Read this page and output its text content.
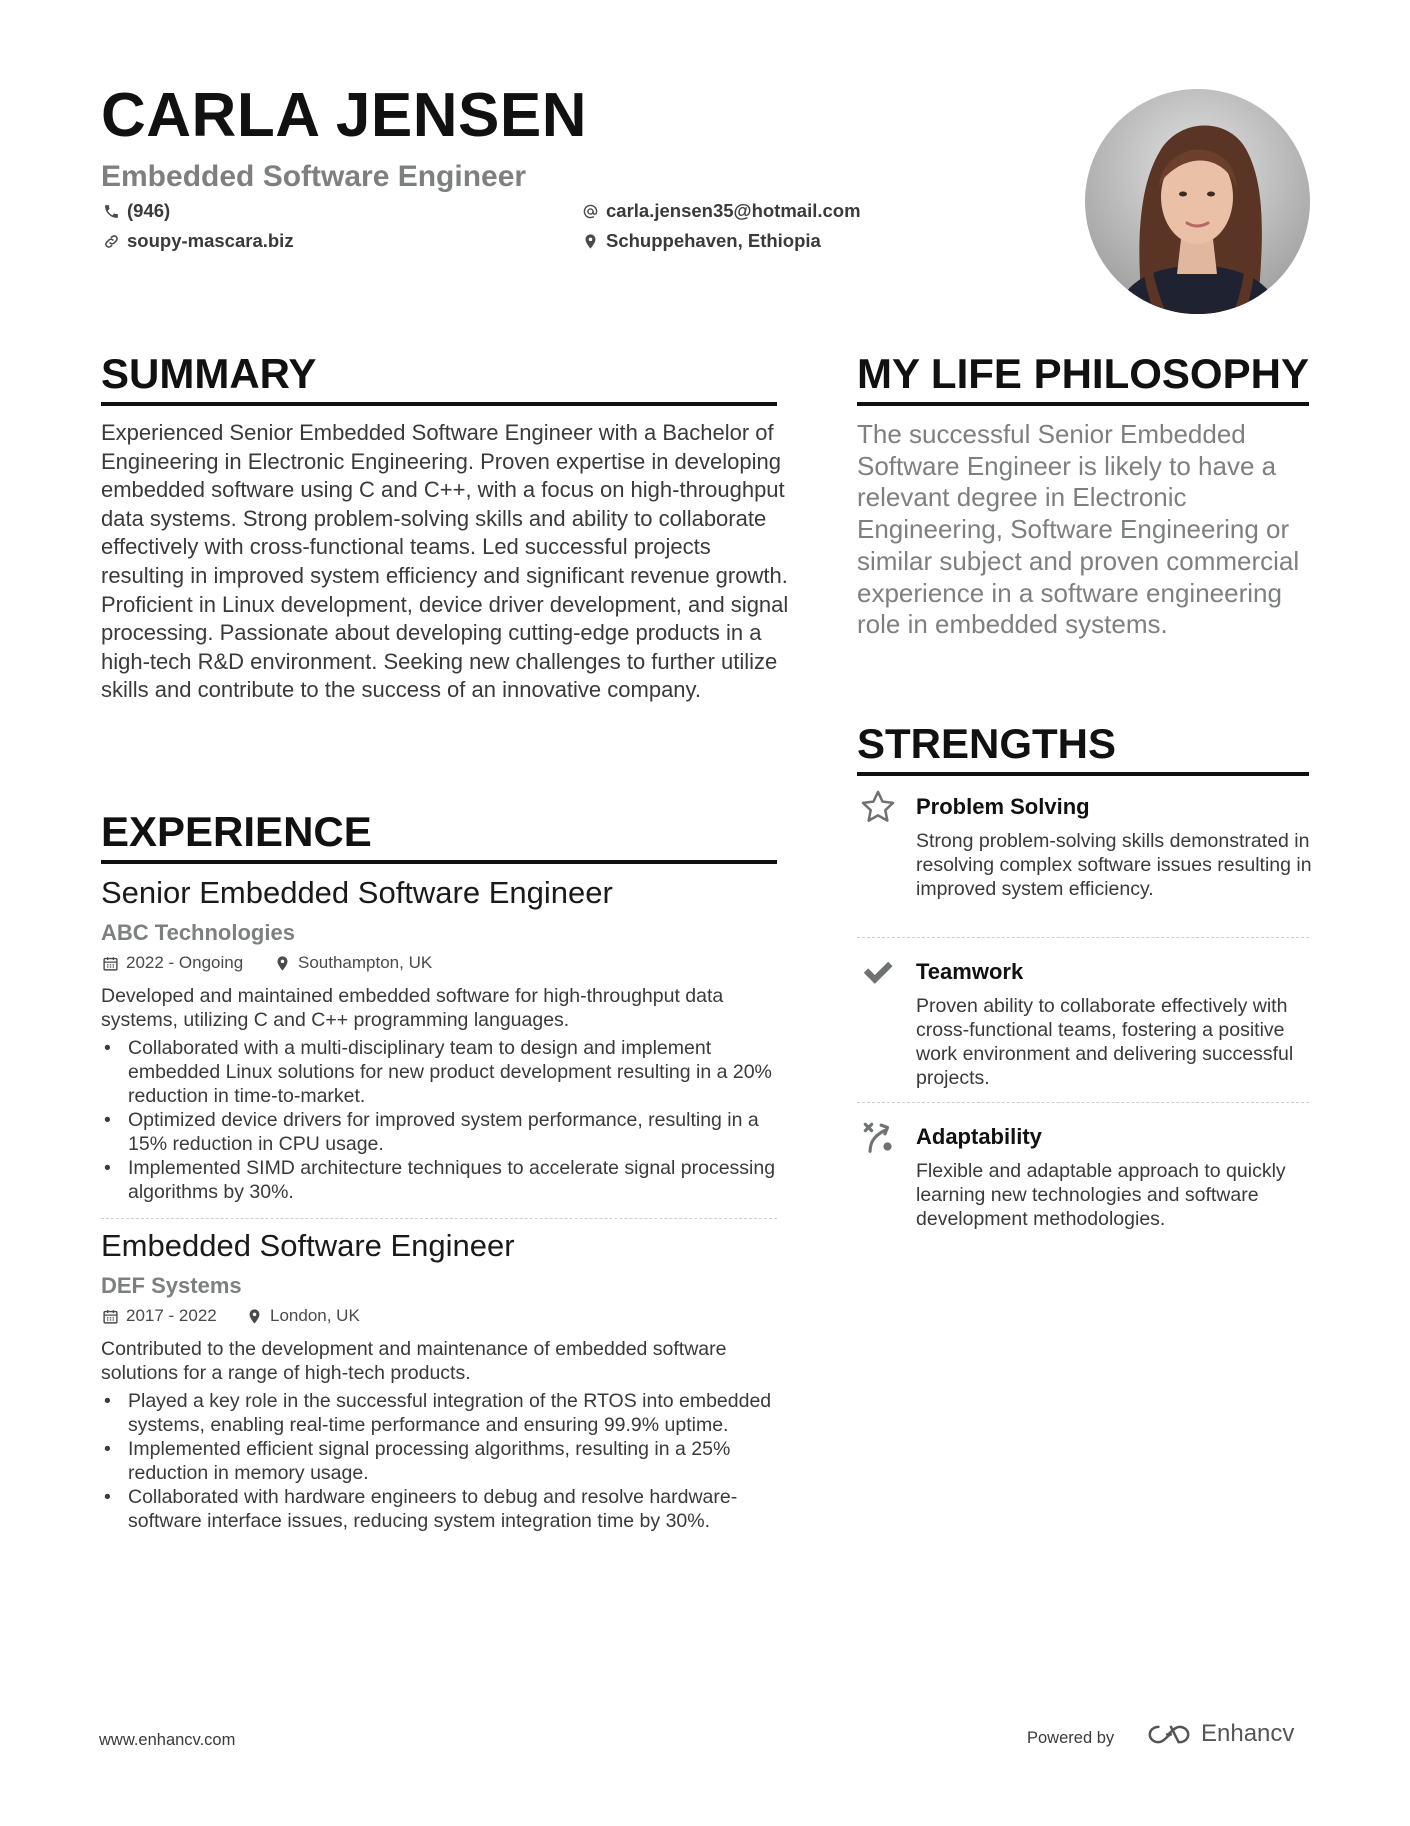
CARLA JENSEN
Embedded Software Engineer
(946)	carla.jensen35@hotmail.com
soupy-mascara.biz	Schuppehaven, Ethiopia
SUMMARY
Experienced Senior Embedded Software Engineer with a Bachelor of Engineering in Electronic Engineering. Proven expertise in developing embedded software using C and C++, with a focus on high-throughput data systems. Strong problem-solving skills and ability to collaborate effectively with cross-functional teams. Led successful projects resulting in improved system efficiency and significant revenue growth. Proficient in Linux development, device driver development, and signal processing. Passionate about developing cutting-edge products in a high-tech R&D environment. Seeking new challenges to further utilize skills and contribute to the success of an innovative company.
EXPERIENCE
Senior Embedded Software Engineer
ABC Technologies
2022 - Ongoing	Southampton, UK
Developed and maintained embedded software for high-throughput data systems, utilizing C and C++ programming languages.
• Collaborated with a multi-disciplinary team to design and implement embedded Linux solutions for new product development resulting in a 20% reduction in time-to-market.
• Optimized device drivers for improved system performance, resulting in a 15% reduction in CPU usage.
• Implemented SIMD architecture techniques to accelerate signal processing algorithms by 30%.
Embedded Software Engineer
DEF Systems
2017 - 2022	London, UK
Contributed to the development and maintenance of embedded software solutions for a range of high-tech products.
• Played a key role in the successful integration of the RTOS into embedded systems, enabling real-time performance and ensuring 99.9% uptime.
• Implemented efficient signal processing algorithms, resulting in a 25% reduction in memory usage.
• Collaborated with hardware engineers to debug and resolve hardware-software interface issues, reducing system integration time by 30%.
MY LIFE PHILOSOPHY
The successful Senior Embedded Software Engineer is likely to have a relevant degree in Electronic Engineering, Software Engineering or similar subject and proven commercial experience in a software engineering role in embedded systems.
STRENGTHS
Problem Solving
Strong problem-solving skills demonstrated in resolving complex software issues resulting in improved system efficiency.
Teamwork
Proven ability to collaborate effectively with cross-functional teams, fostering a positive work environment and delivering successful projects.
Adaptability
Flexible and adaptable approach to quickly learning new technologies and software development methodologies.
www.enhancv.com	Powered by	Enhancv
